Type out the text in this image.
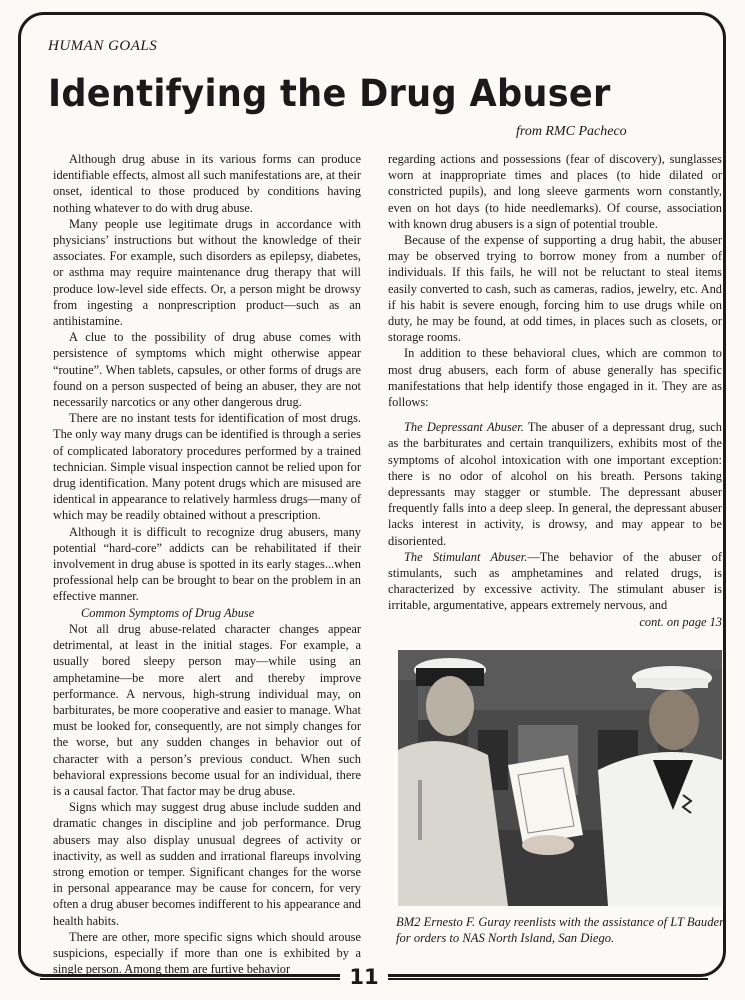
HUMAN GOALS
Identifying the Drug Abuser
from RMC Pacheco

Although drug abuse in its various forms can produce identifiable effects, almost all such manifestations are, at their onset, identical to those produced by conditions having nothing whatever to do with drug abuse.

Many people use legitimate drugs in accordance with physicians’ instructions but without the knowledge of their associates. For example, such disorders as epilepsy, diabetes, or asthma may require maintenance drug therapy that will produce low-level side effects. Or, a person might be drowsy from ingesting a nonprescription product—such as an antihistamine.

A clue to the possibility of drug abuse comes with persistence of symptoms which might otherwise appear “routine”. When tablets, capsules, or other forms of drugs are found on a person suspected of being an abuser, they are not necessarily narcotics or any other dangerous drug.

There are no instant tests for identification of most drugs. The only way many drugs can be identified is through a series of complicated laboratory procedures performed by a trained technician. Simple visual inspection cannot be relied upon for drug identification. Many potent drugs which are misused are identical in appearance to relatively harmless drugs—many of which may be readily obtained without a prescription.

Although it is difficult to recognize drug abusers, many potential “hard-core” addicts can be rehabilitated if their involvement in drug abuse is spotted in its early stages...when professional help can be brought to bear on the problem in an effective manner.

Common Symptoms of Drug Abuse

Not all drug abuse-related character changes appear detrimental, at least in the initial stages. For example, a usually bored sleepy person may—while using an amphetamine—be more alert and thereby improve performance. A nervous, high-strung individual may, on barbiturates, be more cooperative and easier to manage. What must be looked for, consequently, are not simply changes for the worse, but any sudden changes in behavior out of character with a person’s previous conduct. When such behavioral expressions become usual for an individual, there is a causal factor. That factor may be drug abuse.

Signs which may suggest drug abuse include sudden and dramatic changes in discipline and job performance. Drug abusers may also display unusual degrees of activity or inactivity, as well as sudden and irrational flareups involving strong emotion or temper. Significant changes for the worse in personal appearance may be cause for concern, for very often a drug abuser becomes indifferent to his appearance and health habits.

There are other, more specific signs which should arouse suspicions, especially if more than one is exhibited by a single person. Among them are furtive behavior

regarding actions and possessions (fear of discovery), sunglasses worn at inappropriate times and places (to hide dilated or constricted pupils), and long sleeve garments worn constantly, even on hot days (to hide needlemarks). Of course, association with known drug abusers is a sign of potential trouble.

Because of the expense of supporting a drug habit, the abuser may be observed trying to borrow money from a number of individuals. If this fails, he will not be reluctant to steal items easily converted to cash, such as cameras, radios, jewelry, etc. And if his habit is severe enough, forcing him to use drugs while on duty, he may be found, at odd times, in places such as closets, or storage rooms.

In addition to these behavioral clues, which are common to most drug abusers, each form of abuse generally has specific manifestations that help identify those engaged in it. They are as follows:

The Depressant Abuser. The abuser of a depressant drug, such as the barbiturates and certain tranquilizers, exhibits most of the symptoms of alcohol intoxication with one important exception: there is no odor of alcohol on his breath. Persons taking depressants may stagger or stumble. The depressant abuser frequently falls into a deep sleep. In general, the depressant abuser lacks interest in activity, is drowsy, and may appear to be disoriented.

The Stimulant Abuser.—The behavior of the abuser of stimulants, such as amphetamines and related drugs, is characterized by excessive activity. The stimulant abuser is irritable, argumentative, appears extremely nervous, and

cont. on page 13

BM2 Ernesto F. Guray reenlists with the assistance of LT Bauder for orders to NAS North Island, San Diego.
11
